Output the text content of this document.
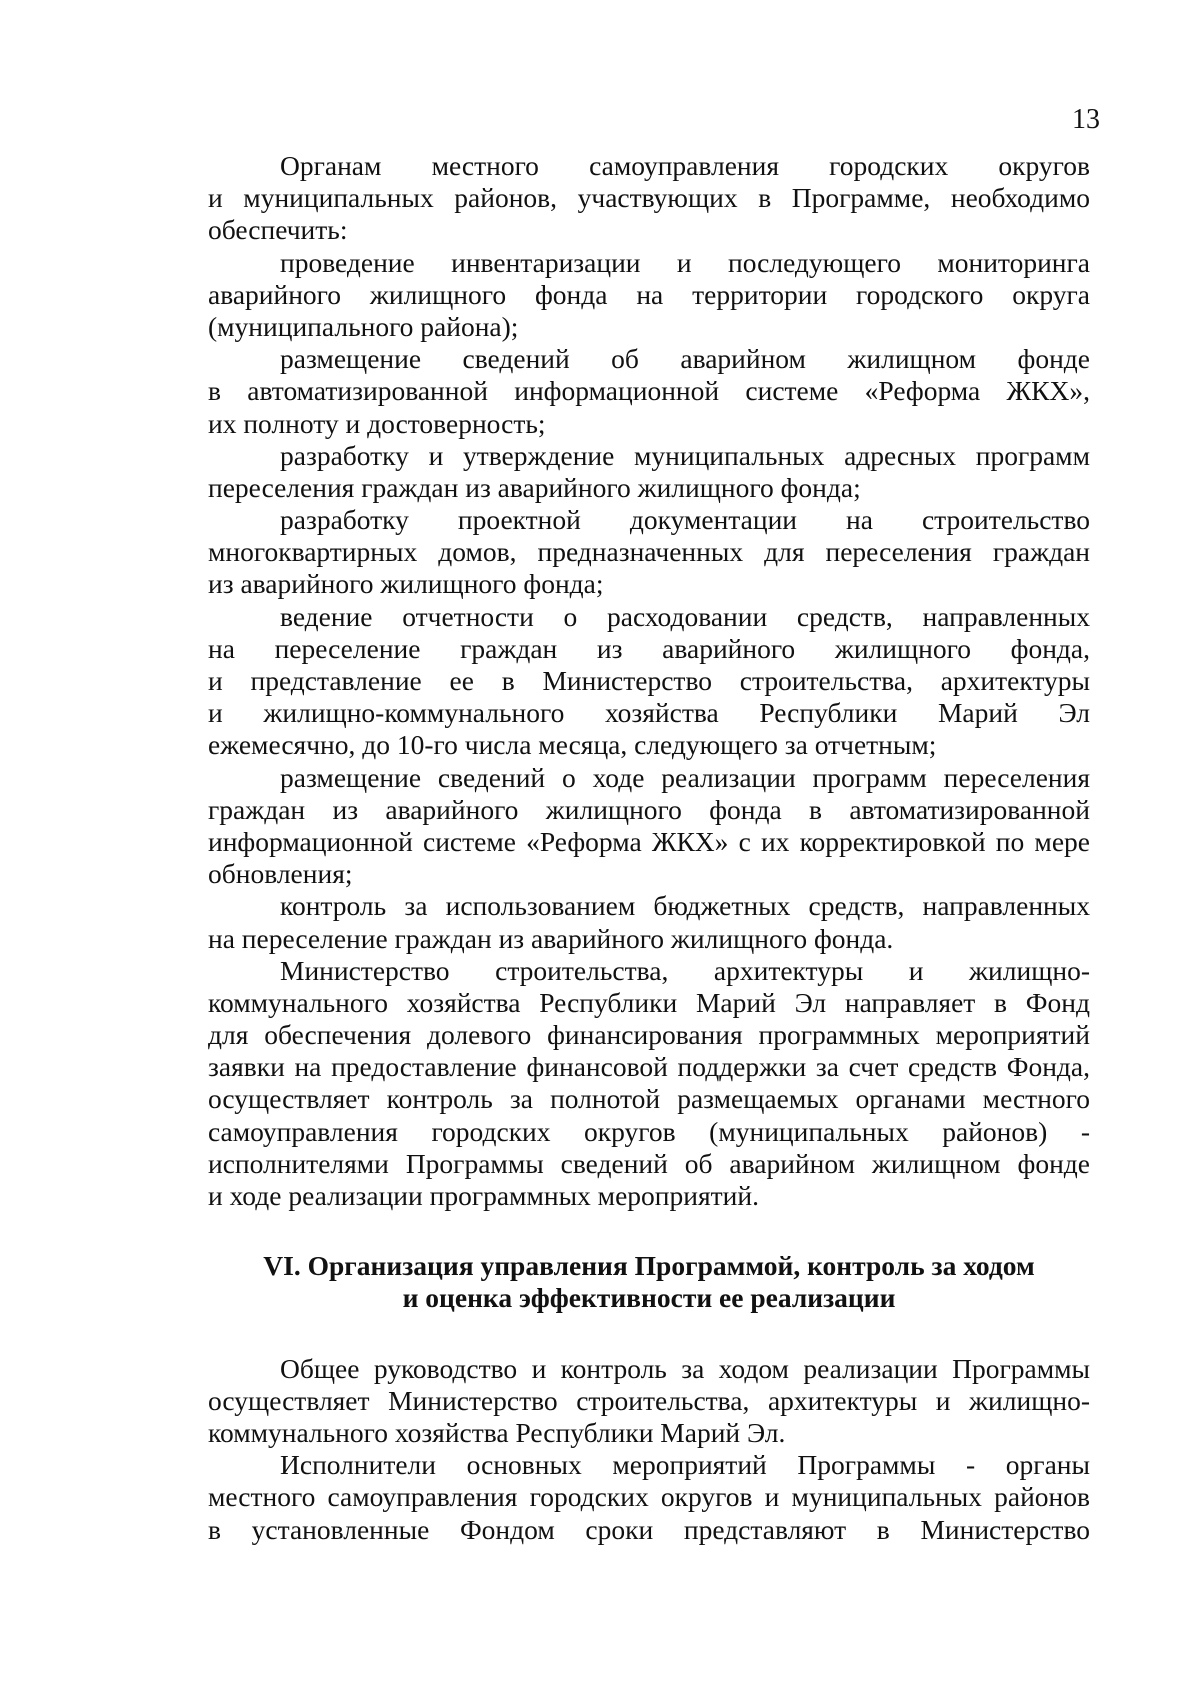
13
Органам местного самоуправления городских округов
и муниципальных районов, участвующих в Программе, необходимо
обеспечить:
проведение инвентаризации и последующего мониторинга
аварийного жилищного фонда на территории городского округа
(муниципального района);
размещение сведений об аварийном жилищном фонде
в автоматизированной информационной системе «Реформа ЖКХ»,
их полноту и достоверность;
разработку и утверждение муниципальных адресных программ
переселения граждан из аварийного жилищного фонда;
разработку проектной документации на строительство
многоквартирных домов, предназначенных для переселения граждан
из аварийного жилищного фонда;
ведение отчетности о расходовании средств, направленных
на переселение граждан из аварийного жилищного фонда,
и представление ее в Министерство строительства, архитектуры
и жилищно-коммунального хозяйства Республики Марий Эл
ежемесячно, до 10-го числа месяца, следующего за отчетным;
размещение сведений о ходе реализации программ переселения
граждан из аварийного жилищного фонда в автоматизированной
информационной системе «Реформа ЖКХ» с их корректировкой по мере
обновления;
контроль за использованием бюджетных средств, направленных
на переселение граждан из аварийного жилищного фонда.
Министерство строительства, архитектуры и жилищно-
коммунального хозяйства Республики Марий Эл направляет в Фонд
для обеспечения долевого финансирования программных мероприятий
заявки на предоставление финансовой поддержки за счет средств Фонда,
осуществляет контроль за полнотой размещаемых органами местного
самоуправления городских округов (муниципальных районов) -
исполнителями Программы сведений об аварийном жилищном фонде
и ходе реализации программных мероприятий.
VI. Организация управления Программой, контроль за ходом
и оценка эффективности ее реализации
Общее руководство и контроль за ходом реализации Программы
осуществляет Министерство строительства, архитектуры и жилищно-
коммунального хозяйства Республики Марий Эл.
Исполнители основных мероприятий Программы - органы
местного самоуправления городских округов и муниципальных районов
в установленные Фондом сроки представляют в Министерство
